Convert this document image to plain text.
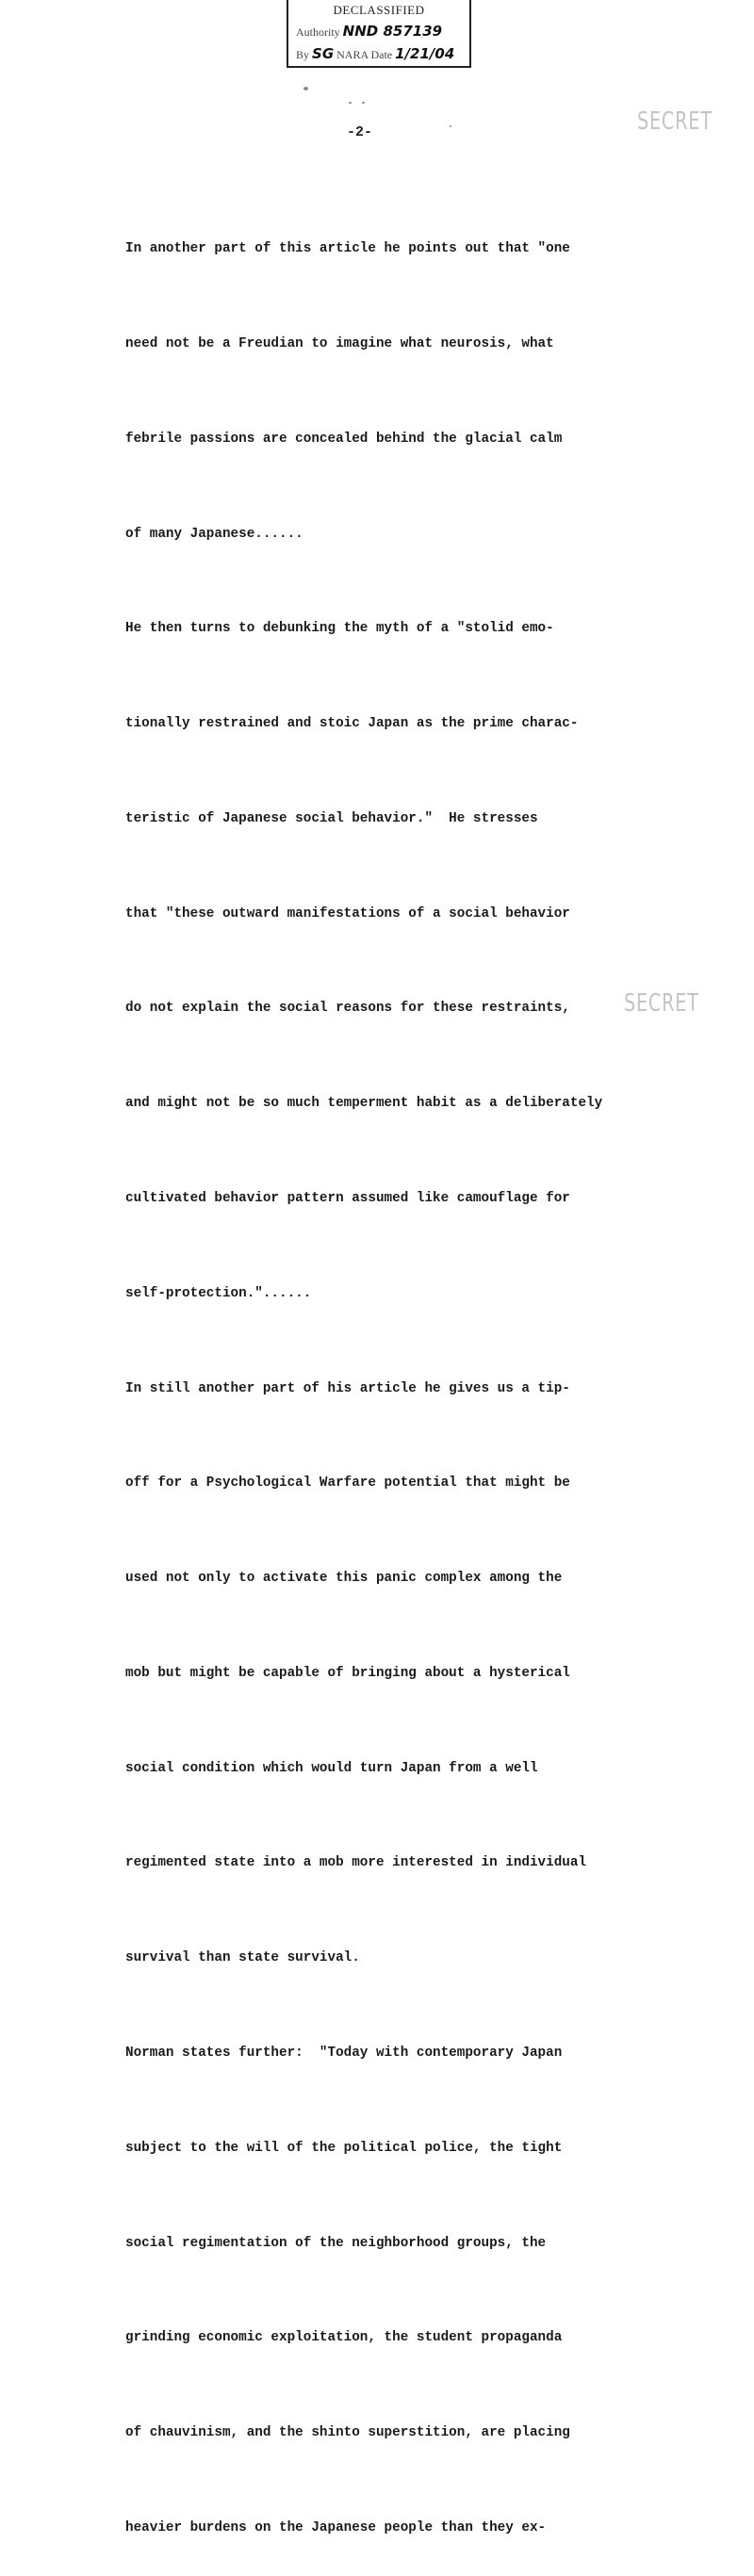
DECLASSIFIED
Authority NND 857139
By SG NARA Date 1/21/04
-2-	SECRET
SECRET

In another part of this article he points out that "one

need not be a Freudian to imagine what neurosis, what

febrile passions are concealed behind the glacial calm

of many Japanese......

He then turns to debunking the myth of a "stolid emo-

tionally restrained and stoic Japan as the prime charac-

teristic of Japanese social behavior."  He stresses

that "these outward manifestations of a social behavior

do not explain the social reasons for these restraints,

and might not be so much temperment habit as a deliberately

cultivated behavior pattern assumed like camouflage for

self-protection."......

In still another part of his article he gives us a tip-

off for a Psychological Warfare potential that might be

used not only to activate this panic complex among the

mob but might be capable of bringing about a hysterical

social condition which would turn Japan from a well

regimented state into a mob more interested in individual

survival than state survival.

Norman states further:  "Today with contemporary Japan

subject to the will of the political police, the tight

social regimentation of the neighborhood groups, the

grinding economic exploitation, the student propaganda

of chauvinism, and the shinto superstition, are placing

heavier burdens on the Japanese people than they ex-
